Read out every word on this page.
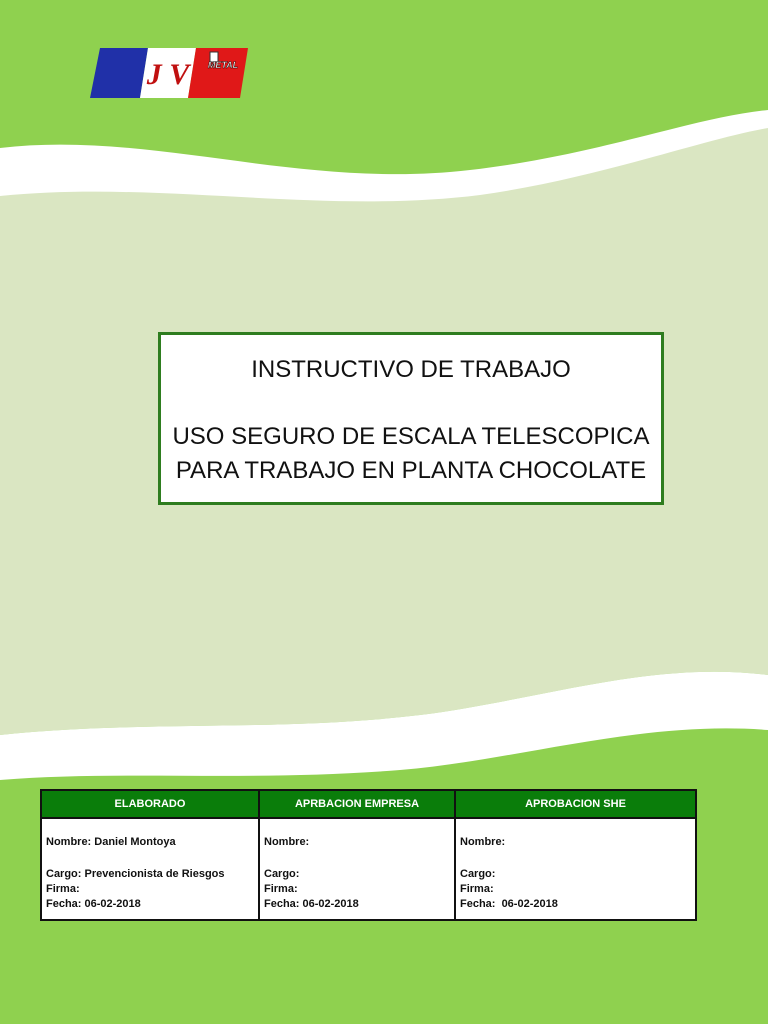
J V	METAL
INSTRUCTIVO DE TRABAJO
USO SEGURO DE ESCALA TELESCOPICA
PARA TRABAJO EN PLANTA CHOCOLATE
ELABORADO	APRBACION EMPRESA	APROBACION SHE

Nombre: Daniel Montoya
Cargo: Prevencionista de Riesgos
Firma:
Fecha: 06-02-2018	Nombre:
Cargo:
Firma:
Fecha: 06-02-2018	Nombre:
Cargo:
Firma:
Fecha:  06-02-2018
